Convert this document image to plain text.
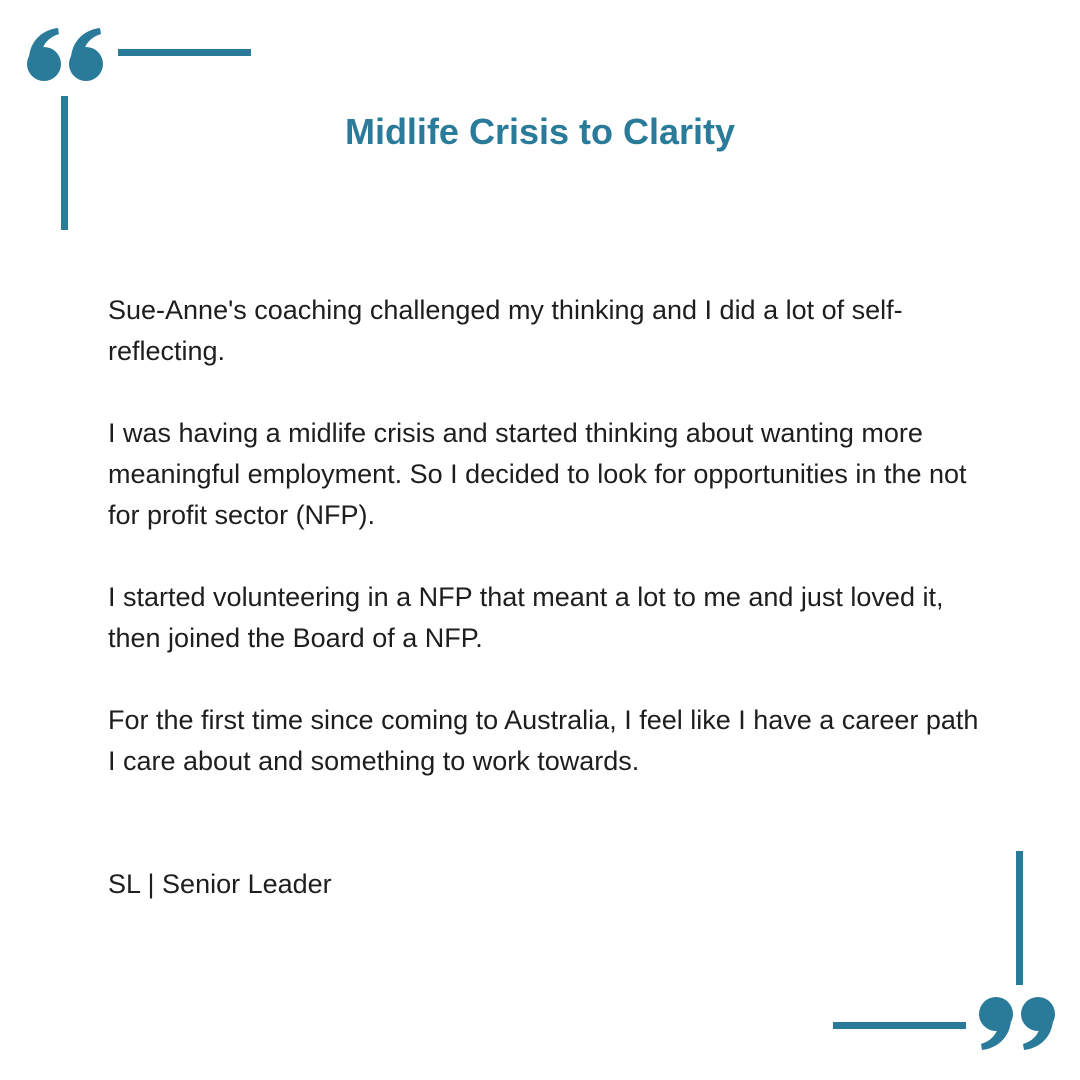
Midlife Crisis to Clarity

Sue-Anne's coaching challenged my thinking and I did a lot of self-reflecting.

I was having a midlife crisis and started thinking about wanting more meaningful employment. So I decided to look for opportunities in the not for profit sector (NFP).

I started volunteering in a NFP that meant a lot to me and just loved it, then joined the Board of a NFP.

For the first time since coming to Australia, I feel like I have a career path I care about and something to work towards.

SL | Senior Leader
